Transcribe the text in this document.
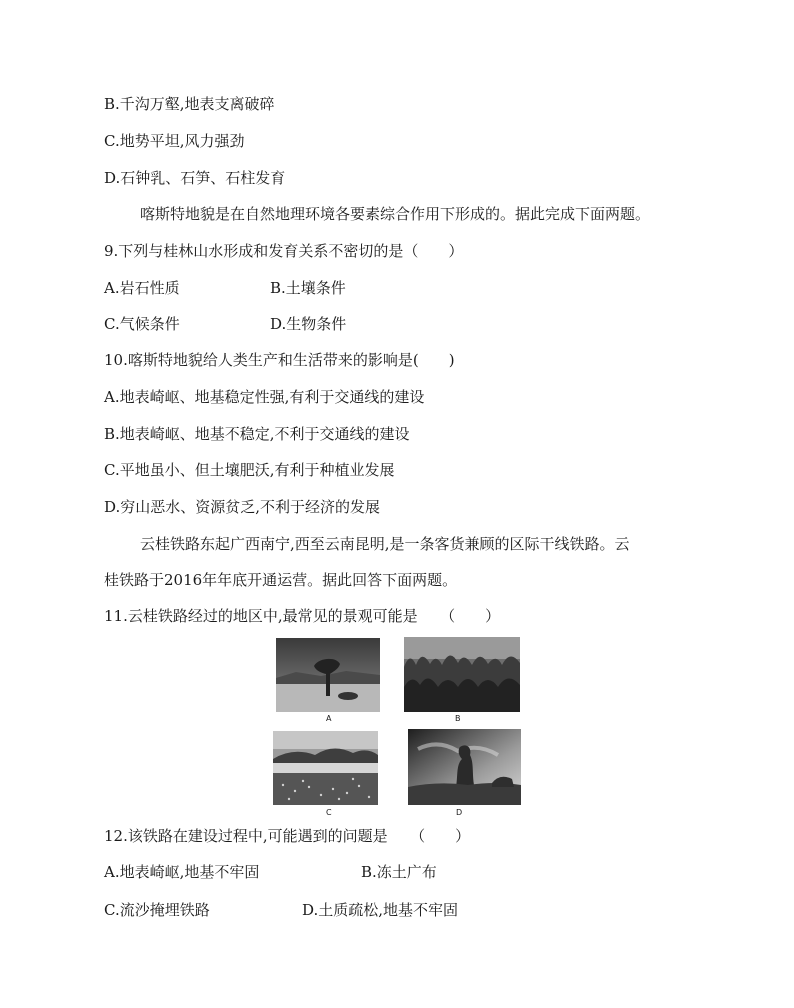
B.千沟万壑,地表支离破碎
C.地势平坦,风力强劲
D.石钟乳、石笋、石柱发育
喀斯特地貌是在自然地理环境各要素综合作用下形成的。据此完成下面两题。
9.下列与桂林山水形成和发育关系不密切的是（　　）
A.岩石性质	B.土壤条件
C.气候条件	D.生物条件
10.喀斯特地貌给人类生产和生活带来的影响是(　　)
A.地表崎岖、地基稳定性强,有利于交通线的建设
B.地表崎岖、地基不稳定,不利于交通线的建设
C.平地虽小、但土壤肥沃,有利于种植业发展
D.穷山恶水、资源贫乏,不利于经济的发展
云桂铁路东起广西南宁,西至云南昆明,是一条客货兼顾的区际干线铁路。云
桂铁路于2016年年底开通运营。据此回答下面两题。
11.云桂铁路经过的地区中,最常见的景观可能是　　（　　）
A	B
C	D
12.该铁路在建设过程中,可能遇到的问题是　　（　　）
A.地表崎岖,地基不牢固	B.冻土广布
C.流沙掩埋铁路	D.土质疏松,地基不牢固
